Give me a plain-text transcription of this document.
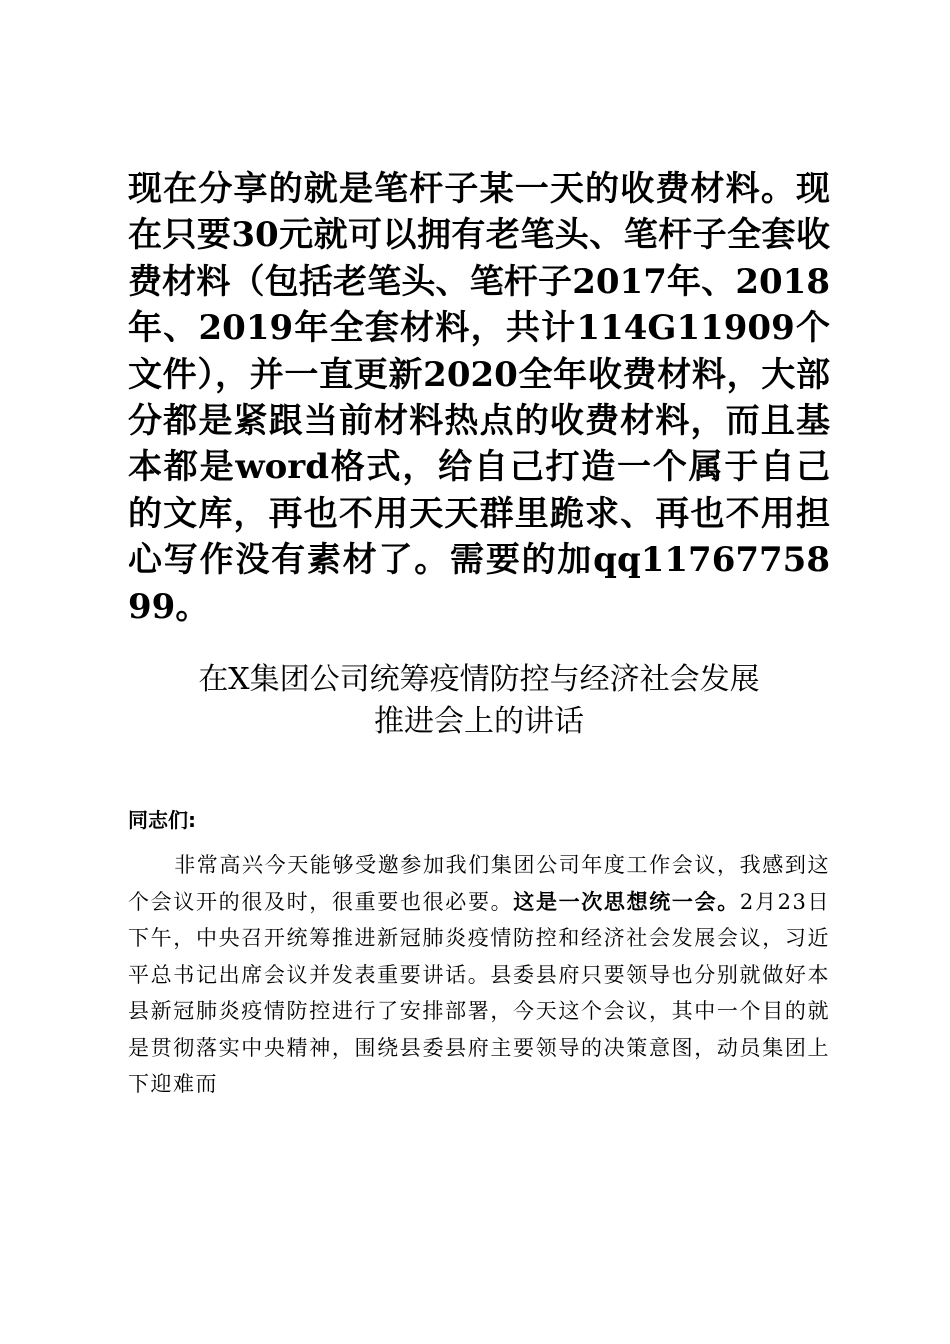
现在分享的就是笔杆子某一天的收费材料。现在只要30元就可以拥有老笔头、笔杆子全套收费材料（包括老笔头、笔杆子2017年、2018年、2019年全套材料，共计114G11909个文件），并一直更新2020全年收费材料，大部分都是紧跟当前材料热点的收费材料，而且基本都是word格式，给自己打造一个属于自己的文库，再也不用天天群里跪求、再也不用担心写作没有素材了。需要的加qq1176775899。
在X集团公司统筹疫情防控与经济社会发展
推进会上的讲话
同志们:
非常高兴今天能够受邀参加我们集团公司年度工作会议，我感到这个会议开的很及时，很重要也很必要。这是一次思想统一会。2月23日下午，中央召开统筹推进新冠肺炎疫情防控和经济社会发展会议，习近平总书记出席会议并发表重要讲话。县委县府只要领导也分别就做好本县新冠肺炎疫情防控进行了安排部署，今天这个会议，其中一个目的就是贯彻落实中央精神，围绕县委县府主要领导的决策意图，动员集团上下迎难而
